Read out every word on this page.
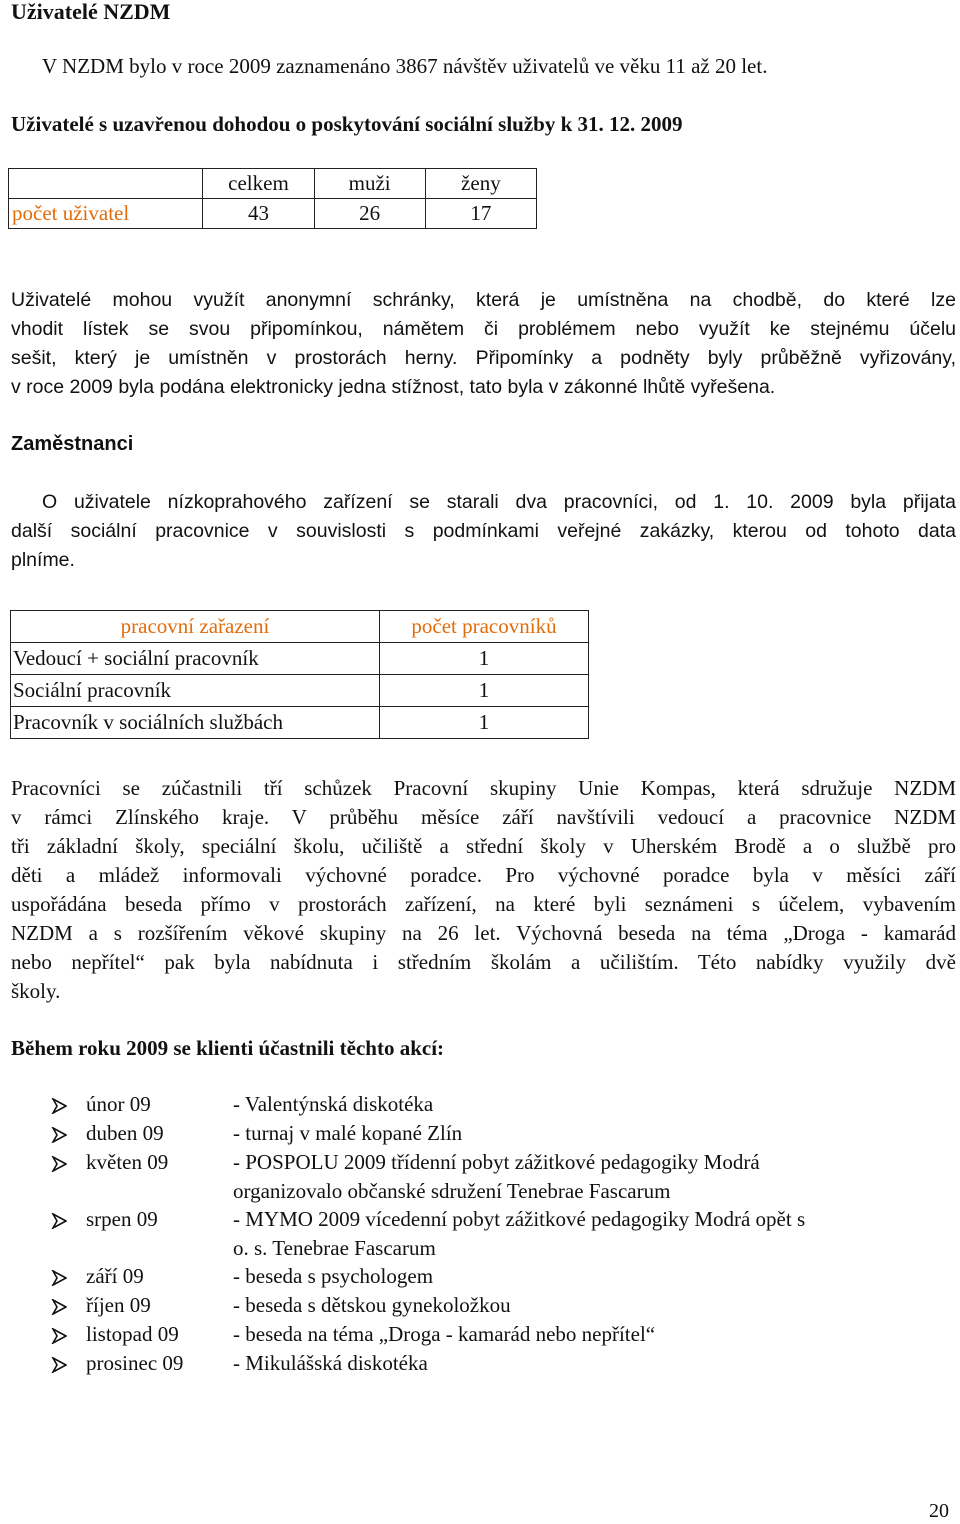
Uživatelé NZDM
V NZDM bylo v roce 2009 zaznamenáno 3867 návštěv uživatelů ve věku 11 až 20 let.
Uživatelé s uzavřenou dohodou o poskytování sociální služby k 31. 12. 2009
	celkem	muži	ženy
počet uživatel	43	26	17
Uživatelé mohou využít anonymní schránky, která je umístněna na chodbě, do které lze
vhodit lístek se svou připomínkou, námětem či problémem nebo využít ke stejnému účelu
sešit, který je umístněn v prostorách herny. Připomínky a podněty byly průběžně vyřizovány,
v roce 2009 byla podána elektronicky jedna stížnost, tato byla v zákonné lhůtě vyřešena.
Zaměstnanci
O uživatele nízkoprahového zařízení se starali dva pracovníci, od 1. 10. 2009 byla přijata
další sociální pracovnice v souvislosti s podmínkami veřejné zakázky, kterou od tohoto data
plníme.
pracovní zařazení	počet pracovníků
Vedoucí + sociální pracovník	1
Sociální pracovník	1
Pracovník v sociálních službách	1
Pracovníci se zúčastnili tří schůzek Pracovní skupiny Unie Kompas, která sdružuje NZDM
v rámci Zlínského kraje. V průběhu měsíce září navštívili vedoucí a pracovnice NZDM
tři základní školy, speciální školu, učiliště a střední školy v Uherském Brodě a o službě pro
děti a mládež informovali výchovné poradce. Pro výchovné poradce byla v měsíci září
uspořádána beseda přímo v prostorách zařízení, na které byli seznámeni s účelem, vybavením
NZDM a s rozšířením věkové skupiny na 26 let. Výchovná beseda na téma „Droga - kamarád
nebo nepřítel“ pak byla nabídnuta i středním školám a učilištím. Této nabídky využily dvě
školy.
Během roku 2009 se klienti účastnili těchto akcí:
únor 09	- Valentýnská diskotéka
duben 09	- turnaj v malé kopané Zlín
květen 09	- POSPOLU 2009 třídenní pobyt zážitkové pedagogiky Modrá
organizovalo občanské sdružení Tenebrae Fascarum
srpen 09	- MYMO 2009 vícedenní pobyt zážitkové pedagogiky Modrá opět s
o. s. Tenebrae Fascarum
září 09	- beseda s psychologem
říjen 09	- beseda s dětskou gynekoložkou
listopad 09	- beseda na téma „Droga - kamarád nebo nepřítel“
prosinec 09 - Mikulášská diskotéka
20
